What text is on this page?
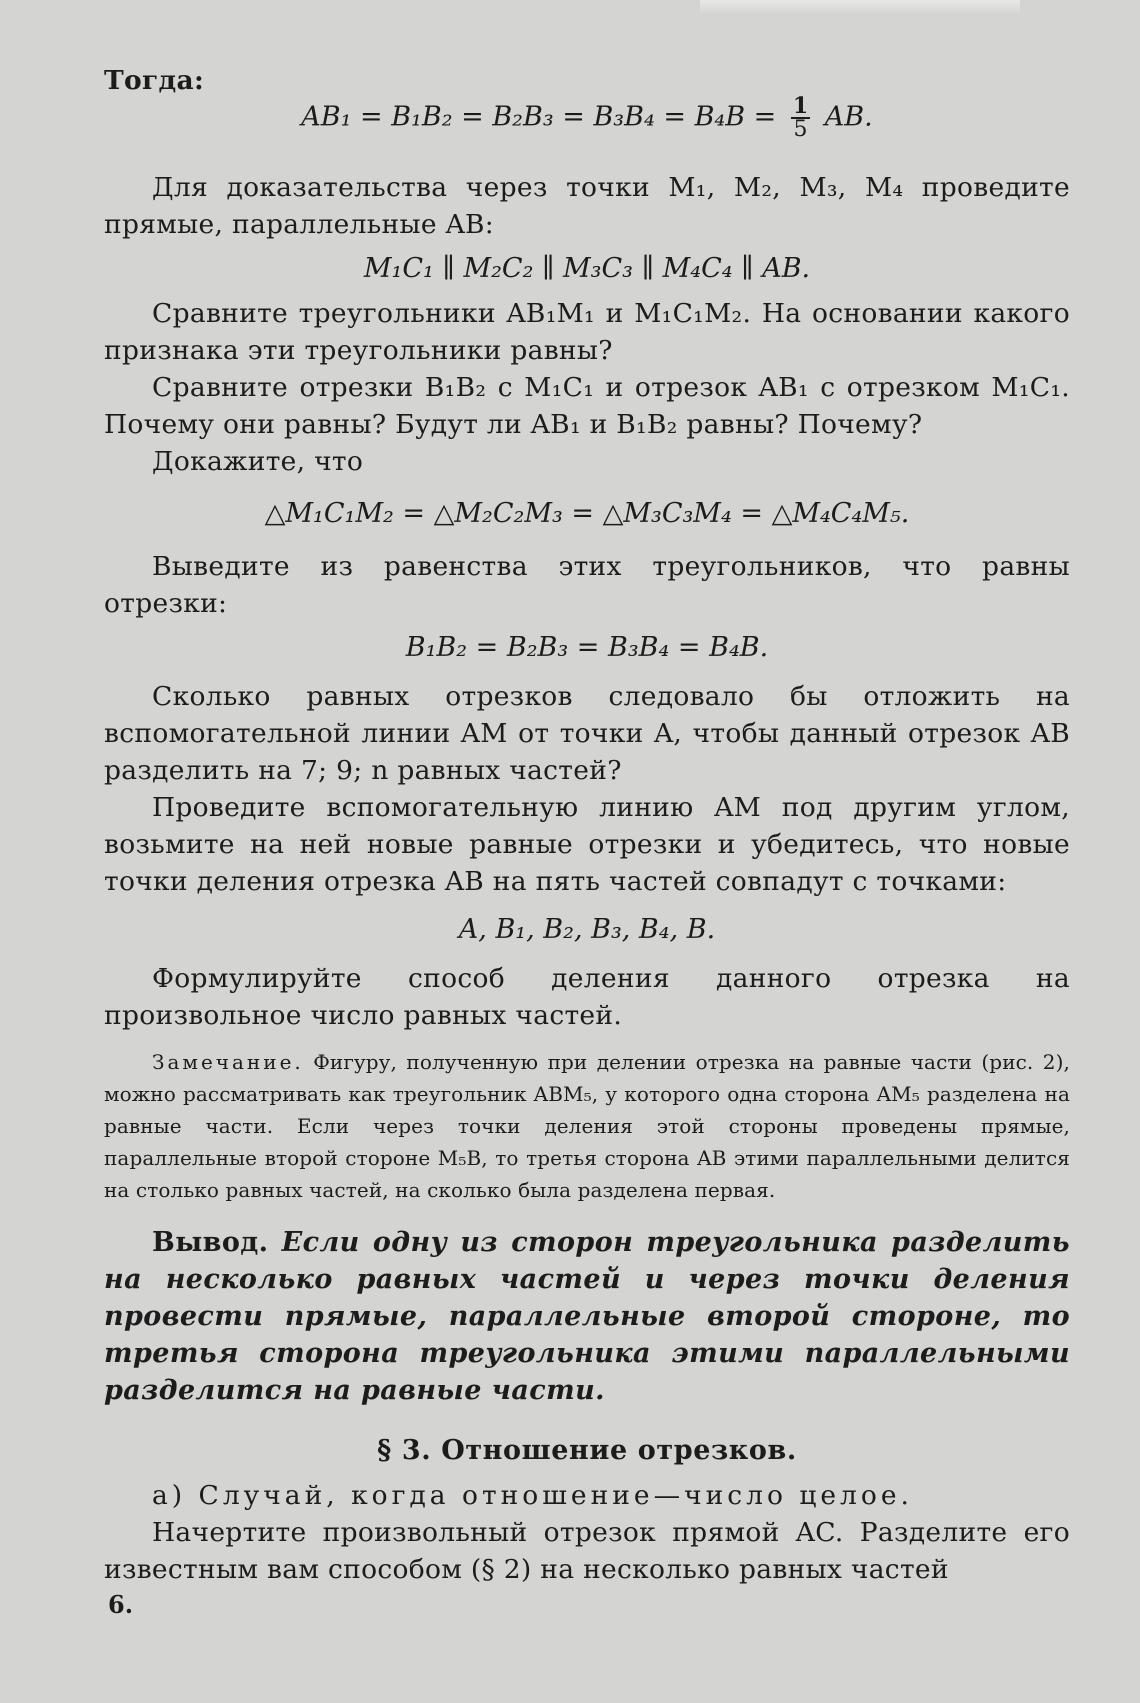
Тогда:

$AB_1 = B_1B_2 = B_2B_3 = B_3B_4 = B_4B = \frac{1}{5}$ AB.

Для доказательства через точки M₁, M₂, M₃, M₄ проведите прямые, параллельные AB:

M₁C₁ ∥ M₂C₂ ∥ M₃C₃ ∥ M₄C₄ ∥ AB.

Сравните треугольники AB₁M₁ и M₁C₁M₂. На основании какого признака эти треугольники равны?

Сравните отрезки B₁B₂ с M₁C₁ и отрезок AB₁ с отрезком M₁C₁. Почему они равны? Будут ли AB₁ и B₁B₂ равны? Почему?

Докажите, что

△M₁C₁M₂ = △M₂C₂M₃ = △M₃C₃M₄ = △M₄C₄M₅.

Выведите из равенства этих треугольников, что равны отрезки:

B₁B₂ = B₂B₃ = B₃B₄ = B₄B.

Сколько равных отрезков следовало бы отложить на вспомогательной линии AM от точки A, чтобы данный отрезок AB разделить на 7; 9; n равных частей?

Проведите вспомогательную линию AM под другим углом, возьмите на ней новые равные отрезки и убедитесь, что новые точки деления отрезка AB на пять частей совпадут с точками:

A, B₁, B₂, B₃, B₄, B.

Формулируйте способ деления данного отрезка на произвольное число равных частей.

Замечание. Фигуру, полученную при делении отрезка на равные части (рис. 2), можно рассматривать как треугольник ABM₅, у которого одна сторона AM₅ разделена на равные части. Если через точки деления этой стороны проведены прямые, параллельные второй стороне M₅B, то третья сторона AB этими параллельными делится на столько равных частей, на сколько была разделена первая.

Вывод. Если одну из сторон треугольника разделить на несколько равных частей и через точки деления провести прямые, параллельные второй стороне, то третья сторона треугольника этими параллельными разделится на равные части.

§ 3. Отношение отрезков.

а) Случай, когда отношение—число целое.

Начертите произвольный отрезок прямой AC. Разделите его известным вам способом (§ 2) на несколько равных частей

6.
